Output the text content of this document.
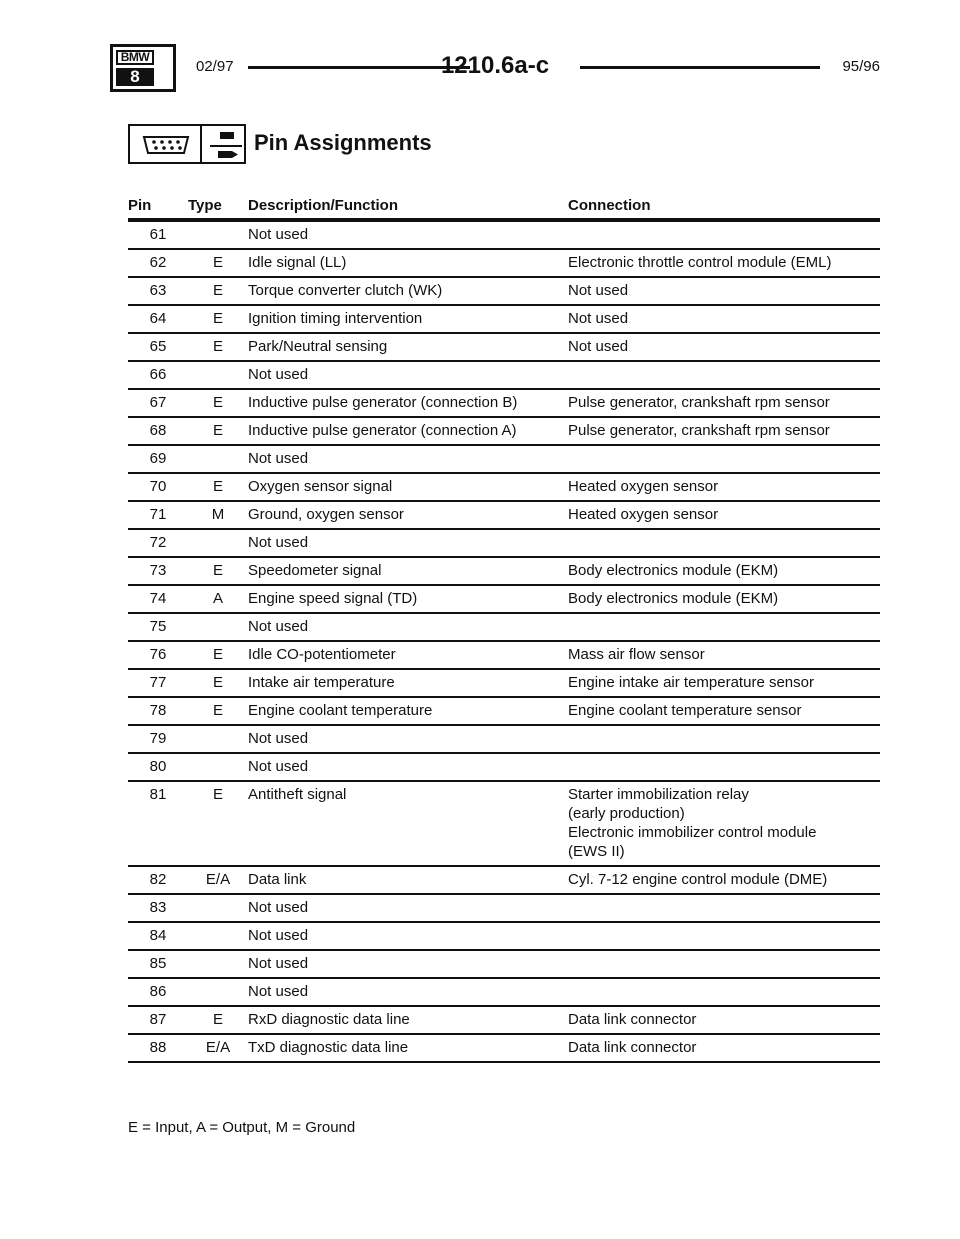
BMW
8
02/97	1210.6a-c	95/96
Pin Assignments
Pin	Type	Description/Function	Connection
61		Not used	
62	E	Idle signal (LL)	Electronic throttle control module (EML)

63	E	Torque converter clutch (WK)	Not used

64	E	Ignition timing intervention	Not used

65	E	Park/Neutral sensing	Not used

66		Not used	
67	E	Inductive pulse generator (connection B)	Pulse generator, crankshaft rpm sensor

68	E	Inductive pulse generator (connection A)	Pulse generator, crankshaft rpm sensor

69		Not used	
70	E	Oxygen sensor signal	Heated oxygen sensor

71	M	Ground, oxygen sensor	Heated oxygen sensor

72		Not used	
73	E	Speedometer signal	Body electronics module (EKM)

74	A	Engine speed signal (TD)	Body electronics module (EKM)

75		Not used	
76	E	Idle CO-potentiometer	Mass air flow sensor

77	E	Intake air temperature	Engine intake air temperature sensor

78	E	Engine coolant temperature	Engine coolant temperature sensor

79		Not used	
80		Not used	
81	E	Antitheft signal	Starter immobilization relay
(early production)
Electronic immobilizer control module
(EWS II)

82	E/A	Data link	Cyl. 7-12 engine control module (DME)

83		Not used	
84		Not used	
85		Not used	
86		Not used	
87	E	RxD diagnostic data line	Data link connector

88	E/A	TxD diagnostic data line	Data link connector
E = Input, A = Output, M = Ground
